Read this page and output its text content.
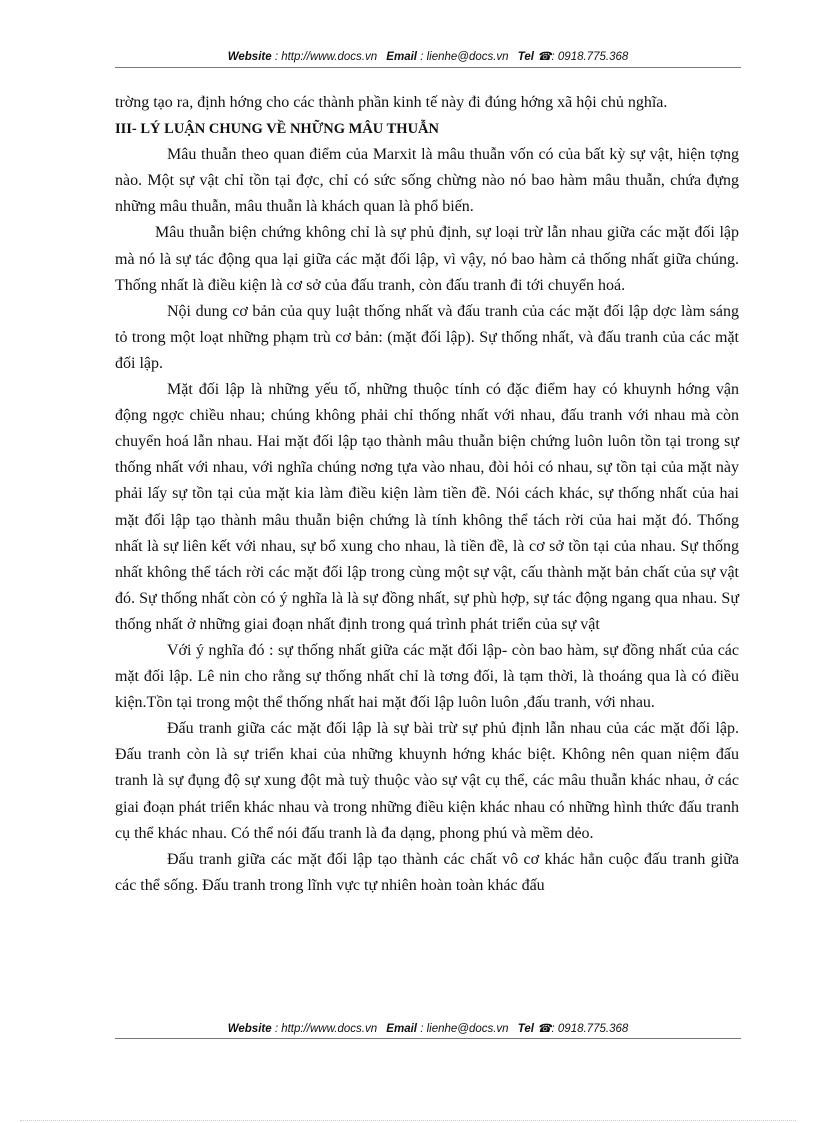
Website : http://www.docs.vn Email : lienhe@docs.vn Tel ☎: 0918.775.368

trờng tạo ra, định hớng cho các thành phần kinh tế này đi đúng hớng xã hội chủ nghĩa.

III- LÝ LUẬN CHUNG VỀ NHỮNG MÂU THUẪN

Mâu thuẫn theo quan điểm của Marxit là mâu thuẫn vốn có của bất kỳ sự vật, hiện tợng nào. Một sự vật chỉ tồn tại đợc, chỉ có sức sống chừng nào nó bao hàm mâu thuẫn, chứa đựng những mâu thuẫn, mâu thuẫn là khách quan là phổ biến.

Mâu thuẫn biện chứng không chỉ là sự phủ định, sự loại trừ lẫn nhau giữa các mặt đối lập mà nó là sự tác động qua lại giữa các mặt đối lập, vì vậy, nó bao hàm cả thống nhất giữa chúng. Thống nhất là điều kiện là cơ sở của đấu tranh, còn đấu tranh đi tới chuyển hoá.

Nội dung cơ bản của quy luật thống nhất và đấu tranh của các mặt đối lập dợc làm sáng tỏ trong một loạt những phạm trù cơ bản: (mặt đối lập). Sự thống nhất, và đấu tranh của các mặt đối lập.

Mặt đối lập là những yếu tố, những thuộc tính có đặc điểm hay có khuynh hớng vận động ngợc chiều nhau; chúng không phải chỉ thống nhất với nhau, đấu tranh với nhau mà còn chuyển hoá lẫn nhau. Hai mặt đối lập tạo thành mâu thuẫn biện chứng luôn luôn tồn tại trong sự thống nhất với nhau, với nghĩa chúng nơng tựa vào nhau, đòi hỏi có nhau, sự tồn tại của mặt này phải lấy sự tồn tại của mặt kia làm điều kiện làm tiền đề. Nói cách khác, sự thống nhất của hai mặt đối lập tạo thành mâu thuẫn biện chứng là tính không thể tách rời của hai mặt đó. Thống nhất là sự liên kết với nhau, sự bổ xung cho nhau, là tiền đề, là cơ sở tồn tại của nhau. Sự thống nhất không thể tách rời các mặt đối lập trong cùng một sự vật, cấu thành mặt bản chất của sự vật đó. Sự thống nhất còn có ý nghĩa là là sự đồng nhất, sự phù hợp, sự tác động ngang qua nhau. Sự thống nhất ở những giai đoạn nhất định trong quá trình phát triển của sự vật

Với ý nghĩa đó : sự thống nhất giữa các mặt đối lập- còn bao hàm, sự đồng nhất của các mặt đối lập. Lê nin cho rằng sự thống nhất chỉ là tơng đối, là tạm thời, là thoáng qua là có điều kiện.Tồn tại trong một thể thống nhất hai mặt đối lập luôn luôn ,đấu tranh, với nhau.

Đấu tranh giữa các mặt đối lập là sự bài trừ sự phủ định lẫn nhau của các mặt đối lập. Đấu tranh còn là sự triển khai của những khuynh hớng khác biệt. Không nên quan niệm đấu tranh là sự đụng độ sự xung đột mà tuỳ thuộc vào sự vật cụ thể, các mâu thuẫn khác nhau, ở các giai đoạn phát triển khác nhau và trong những điều kiện khác nhau có những hình thức đấu tranh cụ thể khác nhau. Có thể nói đấu tranh là đa dạng, phong phú và mềm dẻo.

Đấu tranh giữa các mặt đối lập tạo thành các chất vô cơ khác hẳn cuộc đấu tranh giữa các thể sống. Đấu tranh trong lĩnh vực tự nhiên hoàn toàn khác đấu

Website : http://www.docs.vn Email : lienhe@docs.vn Tel ☎: 0918.775.368
